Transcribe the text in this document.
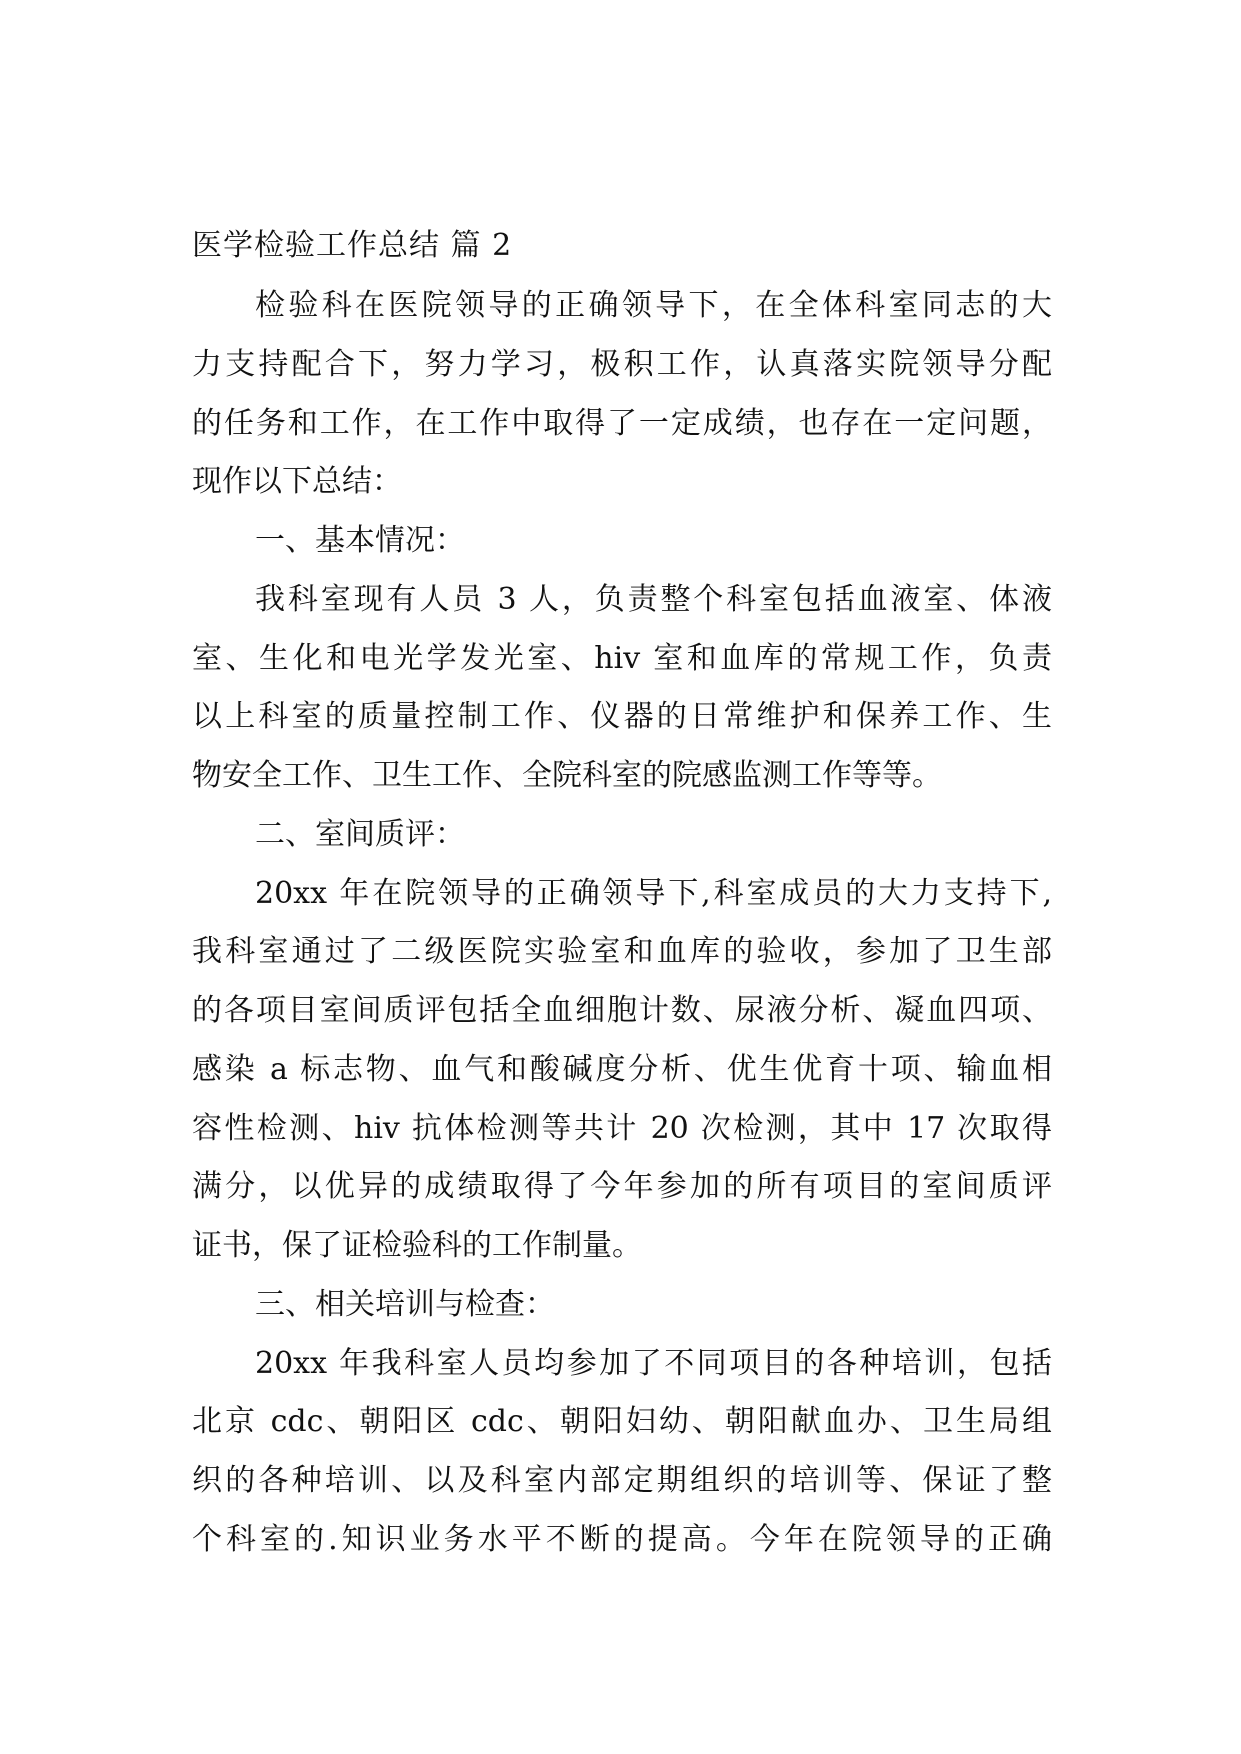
医学检验工作总结 篇 2
检验科在医院领导的正确领导下，在全体科室同志的大
力支持配合下，努力学习，极积工作，认真落实院领导分配
的任务和工作，在工作中取得了一定成绩，也存在一定问题，
现作以下总结：
一、基本情况：
我科室现有人员 3 人，负责整个科室包括血液室、体液
室、生化和电光学发光室、hiv 室和血库的常规工作，负责
以上科室的质量控制工作、仪器的日常维护和保养工作、生
物安全工作、卫生工作、全院科室的院感监测工作等等。
二、室间质评：
20xx 年在院领导的正确领导下,科室成员的大力支持下,
我科室通过了二级医院实验室和血库的验收，参加了卫生部
的各项目室间质评包括全血细胞计数、尿液分析、凝血四项、
感染 a 标志物、血气和酸碱度分析、优生优育十项、输血相
容性检测、hiv 抗体检测等共计 20 次检测，其中 17 次取得
满分，以优异的成绩取得了今年参加的所有项目的室间质评
证书，保了证检验科的工作制量。
三、相关培训与检查：
20xx 年我科室人员均参加了不同项目的各种培训，包括
北京 cdc、朝阳区 cdc、朝阳妇幼、朝阳献血办、卫生局组
织的各种培训、以及科室内部定期组织的培训等、保证了整
个科室的.知识业务水平不断的提高。今年在院领导的正确
